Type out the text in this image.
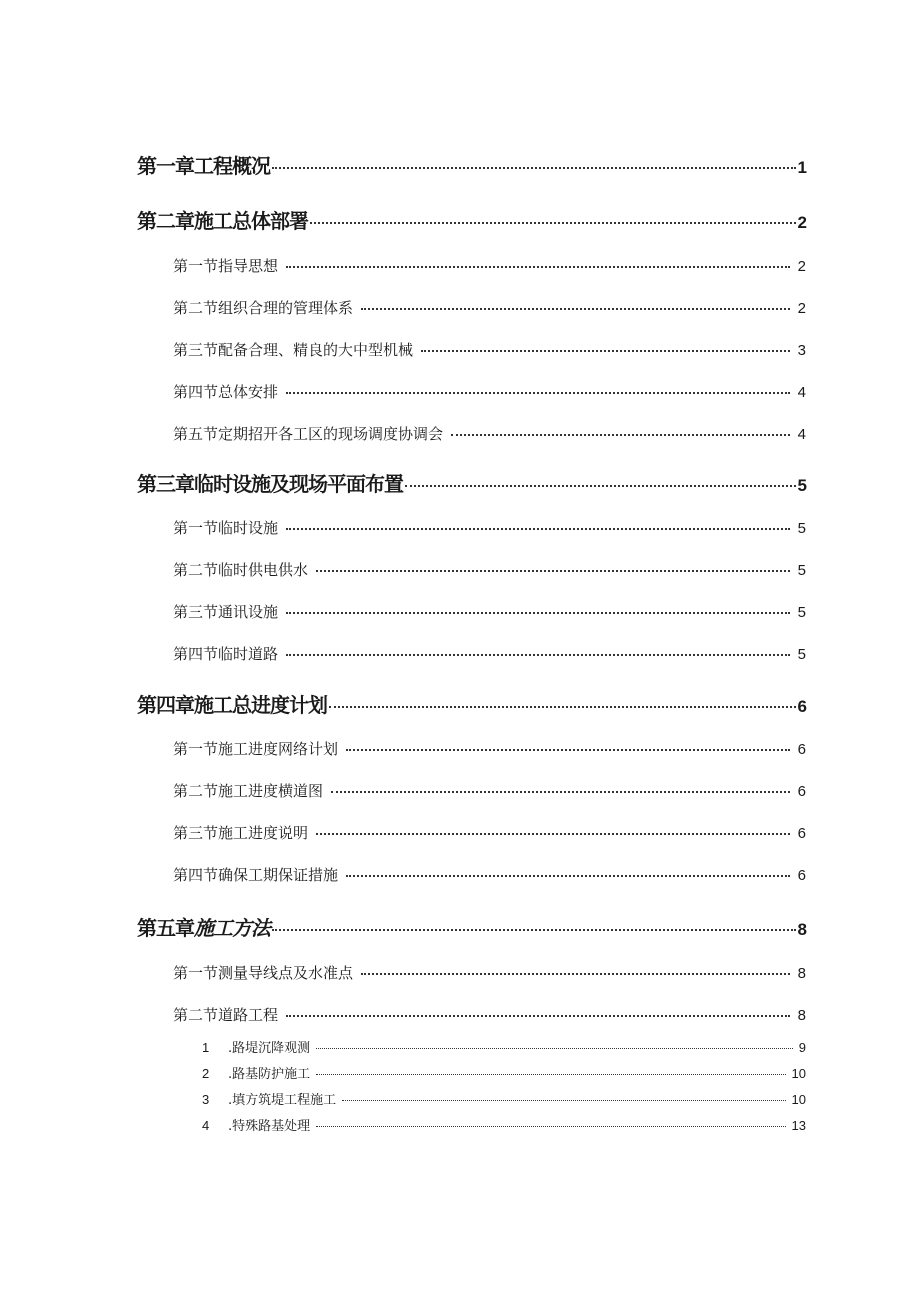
第一章工程概况	1
第二章施工总体部署	2
第一节指导思想	2
第二节组织合理的管理体系	2
第三节配备合理、精良的大中型机械	3
第四节总体安排	4
第五节定期招开各工区的现场调度协调会	4
第三章临时设施及现场平面布置	5
第一节临时设施	5
第二节临时供电供水	5
第三节通讯设施	5
第四节临时道路	5
第四章施工总进度计划	6
第一节施工进度网络计划	6
第二节施工进度横道图	6
第三节施工进度说明	6
第四节确保工期保证措施	6
第五章施工方法	8
第一节测量导线点及水准点	8
第二节道路工程	8
1 .路堤沉降观测	9
2 .路基防护施工	10
3 .填方筑堤工程施工	10
4 .特殊路基处理	13
